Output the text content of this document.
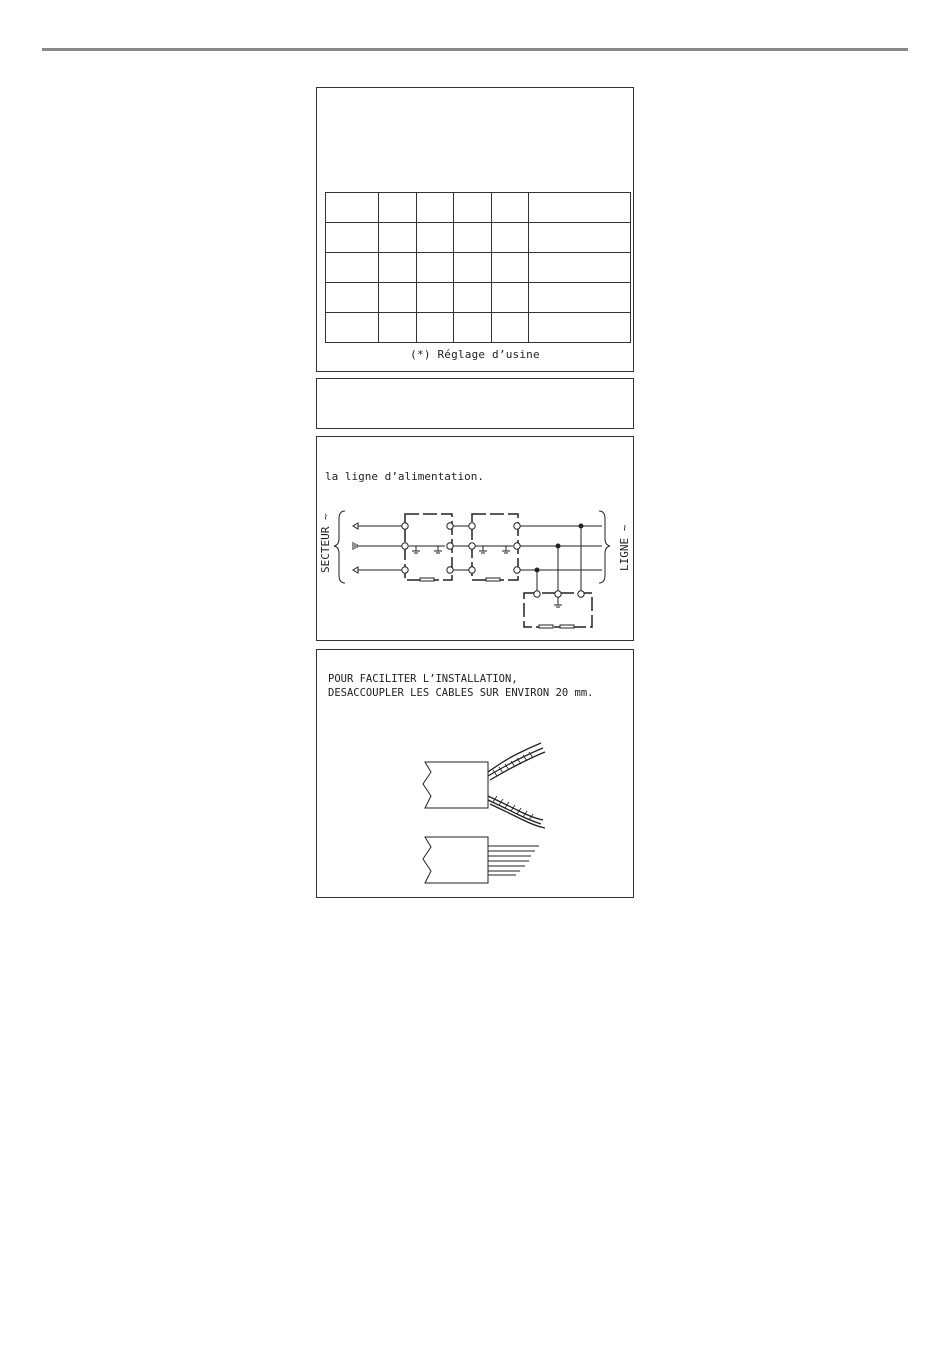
(*) Réglage d’usine
la ligne d’alimentation.
SECTEUR ~	LIGNE ~
POUR FACILITER L’INSTALLATION,
DESACCOUPLER LES CABLES SUR ENVIRON 20 mm.
